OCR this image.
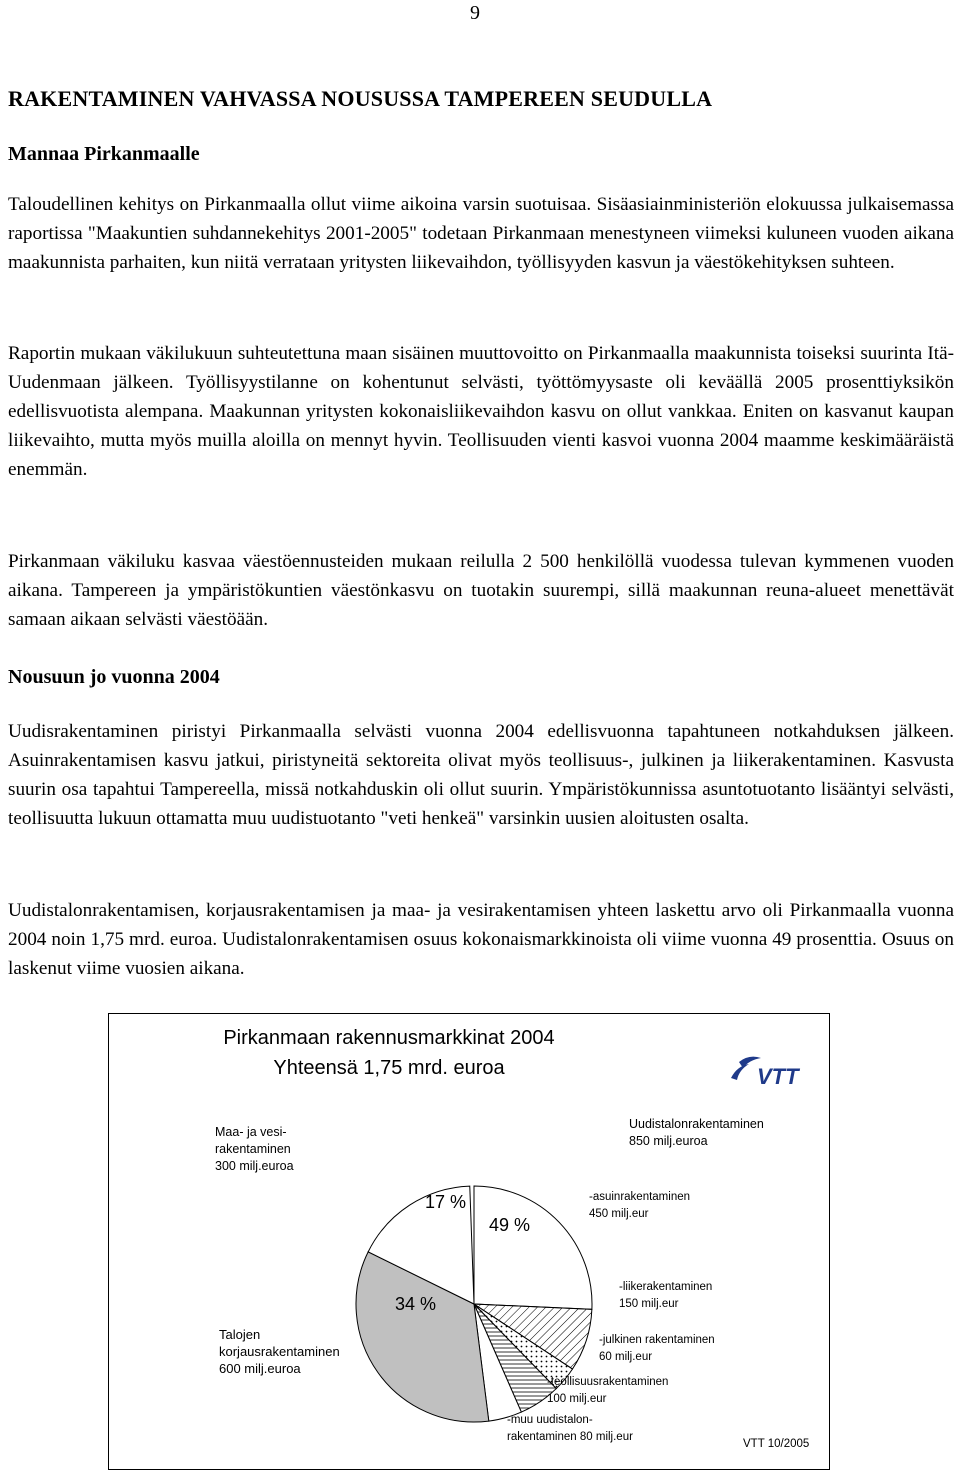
9
RAKENTAMINEN VAHVASSA NOUSUSSA TAMPEREEN SEUDULLA
Mannaa Pirkanmaalle

Taloudellinen kehitys on Pirkanmaalla ollut viime aikoina varsin suotuisaa. Sisäasiainministeriön elokuussa julkaisemassa raportissa "Maakuntien suhdannekehitys 2001-2005" todetaan Pirkanmaan menestyneen viimeksi kuluneen vuoden aikana maakunnista parhaiten, kun niitä verrataan yritysten liikevaihdon, työllisyyden kasvun ja väestökehityksen suhteen.

Raportin mukaan väkilukuun suhteutettuna maan sisäinen muuttovoitto on Pirkanmaalla maakunnista toiseksi suurinta Itä-Uudenmaan jälkeen. Työllisyystilanne on kohentunut selvästi, työttömyysaste oli keväällä 2005 prosenttiyksikön edellisvuotista alempana. Maakunnan yritysten kokonaisliikevaihdon kasvu on ollut vankkaa. Eniten on kasvanut kaupan liikevaihto, mutta myös muilla aloilla on mennyt hyvin. Teollisuuden vienti kasvoi vuonna 2004 maamme keskimääräistä enemmän.

Pirkanmaan väkiluku kasvaa väestöennusteiden mukaan reilulla 2 500 henkilöllä vuodessa tulevan kymmenen vuoden aikana. Tampereen ja ympäristökuntien väestönkasvu on tuotakin suurempi, sillä maakunnan reuna-alueet menettävät samaan aikaan selvästi väestöään.

Nousuun jo vuonna 2004

Uudisrakentaminen piristyi Pirkanmaalla selvästi vuonna 2004 edellisvuonna tapahtuneen notkahduksen jälkeen. Asuinrakentamisen kasvu jatkui, piristyneitä sektoreita olivat myös teollisuus-, julkinen ja liikerakentaminen. Kasvusta suurin osa tapahtui Tampereella, missä notkahduskin oli ollut suurin. Ympäristökunnissa asuntotuotanto lisääntyi selvästi, teollisuutta lukuun ottamatta muu uudistuotanto "veti henkeä" varsinkin uusien aloitusten osalta.

Uudistalonrakentamisen, korjausrakentamisen ja maa- ja vesirakentamisen yhteen laskettu arvo oli Pirkanmaalla vuonna 2004 noin 1,75 mrd. euroa. Uudistalonrakentamisen osuus kokonaismarkkinoista oli viime vuonna 49 prosenttia. Osuus on laskenut viime vuosien aikana.

Pirkanmaan rakennusmarkkinat 2004
Yhteensä 1,75 mrd. euroa	VTT
Maa- ja vesi-
rakentaminen
300 milj.euroa
Uudistalonrakentaminen
850 milj.euroa
-asuinrakentaminen
450 milj.eur
-liikerakentaminen
150 milj.eur
-julkinen rakentaminen
60 milj.eur
-teollisuusrakentaminen
100 milj.eur
-muu uudistalon-
rakentaminen 80 milj.eur
Talojen
korjausrakentaminen
600 milj.euroa
17 %
49 %
34 %
VTT 10/2005
